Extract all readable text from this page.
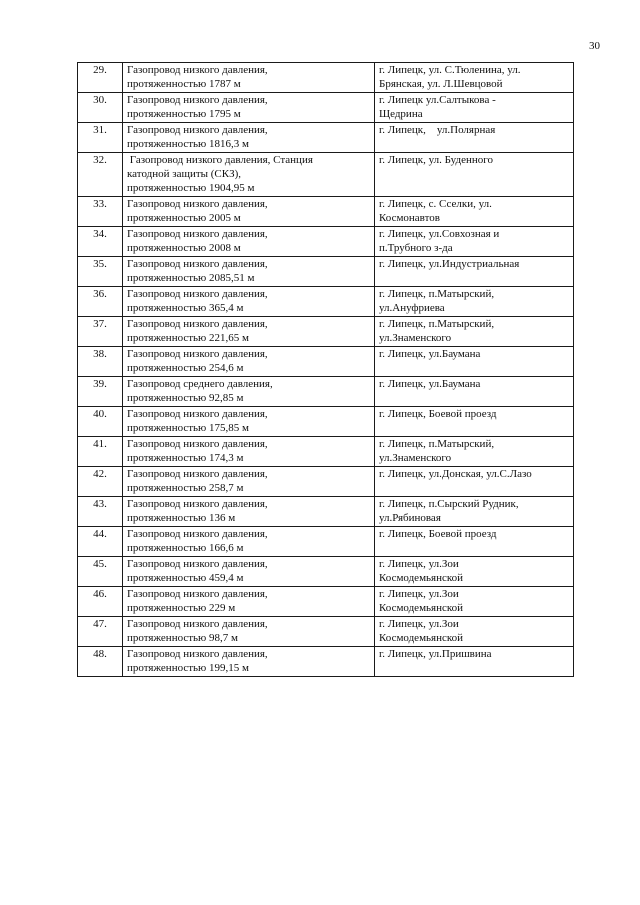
30
29.	Газопровод низкого давления,
протяженностью 1787 м	г. Липецк, ул. С.Тюленина, ул.
Брянская, ул. Л.Шевцовой

30.	Газопровод низкого давления,
протяженностью 1795 м	г. Липецк ул.Салтыкова -
Щедрина

31.	Газопровод низкого давления,
протяженностью 1816,3 м	г. Липецк,    ул.Полярная

32.	Газопровод низкого давления, Станция
катодной защиты (СКЗ),
протяженностью 1904,95 м	г. Липецк, ул. Буденного

33.	Газопровод низкого давления,
протяженностью 2005 м	г. Липецк, с. Сселки, ул.
Космонавтов

34.	Газопровод низкого давления,
протяженностью 2008 м	г. Липецк, ул.Совхозная и
п.Трубного з-да

35.	Газопровод низкого давления,
протяженностью 2085,51 м	г. Липецк, ул.Индустриальная

36.	Газопровод низкого давления,
протяженностью 365,4 м	г. Липецк, п.Матырский,
ул.Ануфриева

37.	Газопровод низкого давления,
протяженностью 221,65 м	г. Липецк, п.Матырский,
ул.Знаменского

38.	Газопровод низкого давления,
протяженностью 254,6 м	г. Липецк, ул.Баумана

39.	Газопровод среднего давления,
протяженностью 92,85 м	г. Липецк, ул.Баумана

40.	Газопровод низкого давления,
протяженностью 175,85 м	г. Липецк, Боевой проезд

41.	Газопровод низкого давления,
протяженностью 174,3 м	г. Липецк, п.Матырский,
ул.Знаменского

42.	Газопровод низкого давления,
протяженностью 258,7 м	г. Липецк, ул.Донская, ул.С.Лазо

43.	Газопровод низкого давления,
протяженностью 136 м	г. Липецк, п.Сырский Рудник,
ул.Рябиновая

44.	Газопровод низкого давления,
протяженностью 166,6 м	г. Липецк, Боевой проезд

45.	Газопровод низкого давления,
протяженностью 459,4 м	г. Липецк, ул.Зои
Космодемьянской

46.	Газопровод низкого давления,
протяженностью 229 м	г. Липецк, ул.Зои
Космодемьянской

47.	Газопровод низкого давления,
протяженностью 98,7 м	г. Липецк, ул.Зои
Космодемьянской

48.	Газопровод низкого давления,
протяженностью 199,15 м	г. Липецк, ул.Пришвина
